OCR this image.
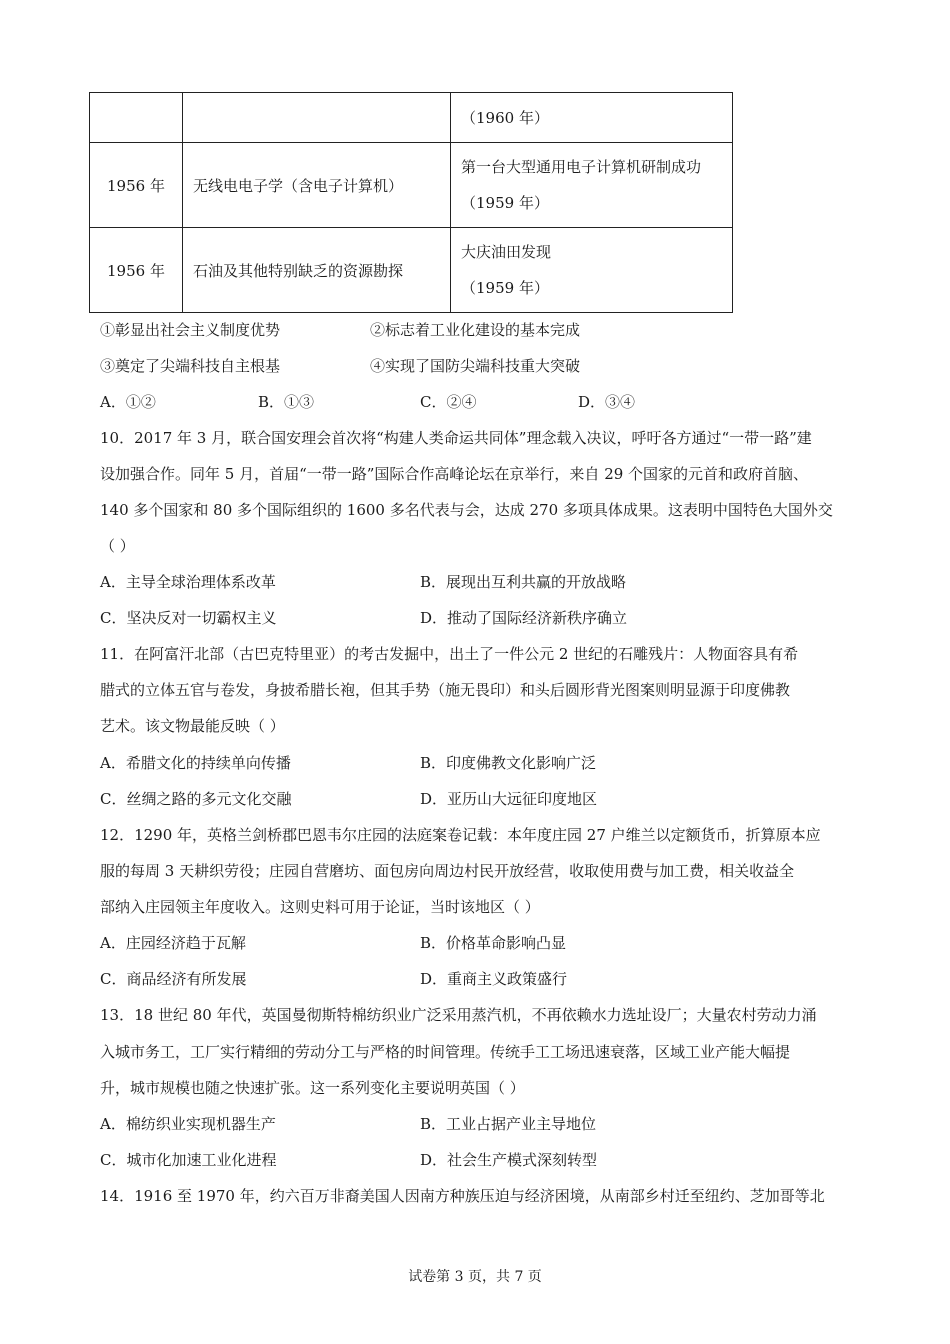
		（1960 年）

1956 年	无线电电子学（含电子计算机）	第一台大型通用电子计算机研制成功
（1959 年）

1956 年	石油及其他特别缺乏的资源勘探	大庆油田发现
（1959 年）
①彰显出社会主义制度优势	②标志着工业化建设的基本完成
③奠定了尖端科技自主根基	④实现了国防尖端科技重大突破
A．①②	B．①③	C．②④	D．③④
10．2017 年 3 月，联合国安理会首次将“构建人类命运共同体”理念载入决议，呼吁各方通过“一带一路”建
设加强合作。同年 5 月，首届“一带一路”国际合作高峰论坛在京举行，来自 29 个国家的元首和政府首脑、
140 多个国家和 80 多个国际组织的 1600 多名代表与会，达成 270 多项具体成果。这表明中国特色大国外交
（ ）
A．主导全球治理体系改革	B．展现出互利共赢的开放战略
C．坚决反对一切霸权主义	D．推动了国际经济新秩序确立
11．在阿富汗北部（古巴克特里亚）的考古发掘中，出土了一件公元 2 世纪的石雕残片：人物面容具有希
腊式的立体五官与卷发，身披希腊长袍，但其手势（施无畏印）和头后圆形背光图案则明显源于印度佛教
艺术。该文物最能反映（ ）
A．希腊文化的持续单向传播	B．印度佛教文化影响广泛
C．丝绸之路的多元文化交融	D．亚历山大远征印度地区
12．1290 年，英格兰剑桥郡巴恩韦尔庄园的法庭案卷记载：本年度庄园 27 户维兰以定额货币，折算原本应
服的每周 3 天耕织劳役；庄园自营磨坊、面包房向周边村民开放经营，收取使用费与加工费，相关收益全
部纳入庄园领主年度收入。这则史料可用于论证，当时该地区（ ）
A．庄园经济趋于瓦解	B．价格革命影响凸显
C．商品经济有所发展	D．重商主义政策盛行
13．18 世纪 80 年代，英国曼彻斯特棉纺织业广泛采用蒸汽机，不再依赖水力选址设厂；大量农村劳动力涌
入城市务工，工厂实行精细的劳动分工与严格的时间管理。传统手工工场迅速衰落，区域工业产能大幅提
升，城市规模也随之快速扩张。这一系列变化主要说明英国（ ）
A．棉纺织业实现机器生产	B．工业占据产业主导地位
C．城市化加速工业化进程	D．社会生产模式深刻转型
14．1916 至 1970 年，约六百万非裔美国人因南方种族压迫与经济困境，从南部乡村迁至纽约、芝加哥等北
试卷第 3 页，共 7 页
